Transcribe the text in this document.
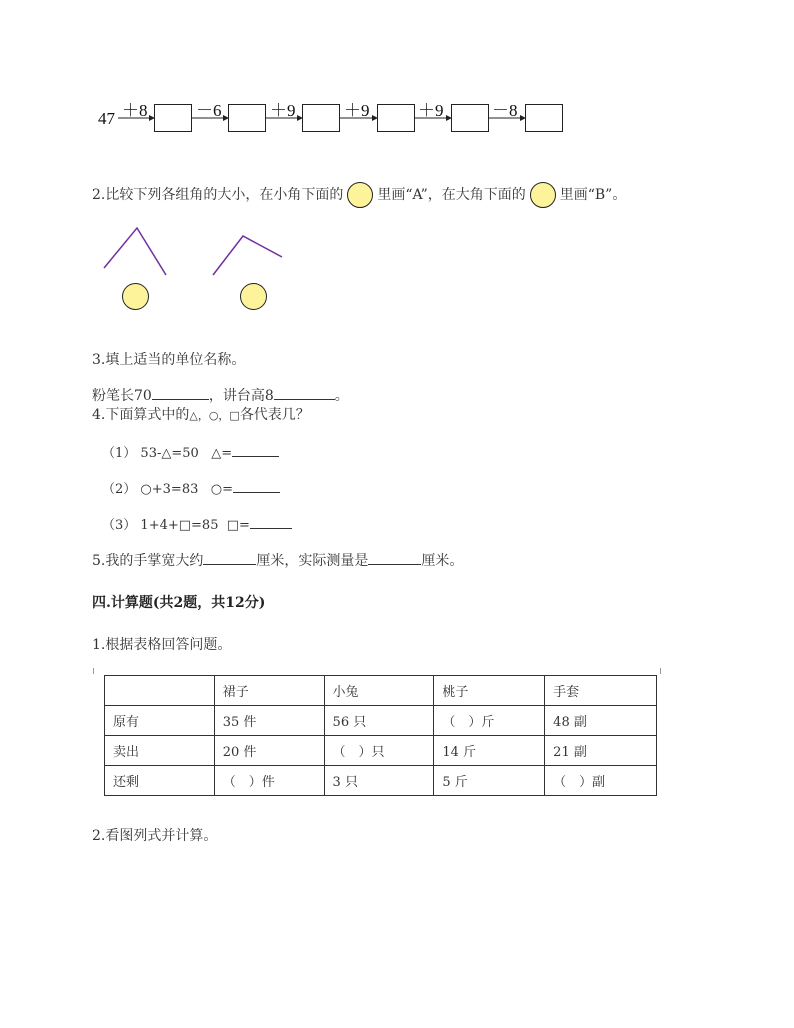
47 ＋8	－6	＋9	＋9	＋9	－8
2.比较下列各组角的大小，在小角下面的 里画“A”，在大角下面的 里画“B”。
3.填上适当的单位名称。
粉笔长70	，讲台高8	。
4.下面算式中的△，○，□各代表几？
（1） 53-△=50 △=
（2） ○+3=83 ○=
（3） 1+4+□=85 □=
5.我的手掌宽大约	厘米，实际测量是	厘米。
四.计算题(共2题，共12分)
1.根据表格回答问题。
	裙子	小兔	桃子	手套
原有	35 件	56 只	（　）斤	48 副
卖出	20 件	（　）只	14 斤	21 副
还剩	（　）件	3 只	5 斤	（　）副
2.看图列式并计算。
